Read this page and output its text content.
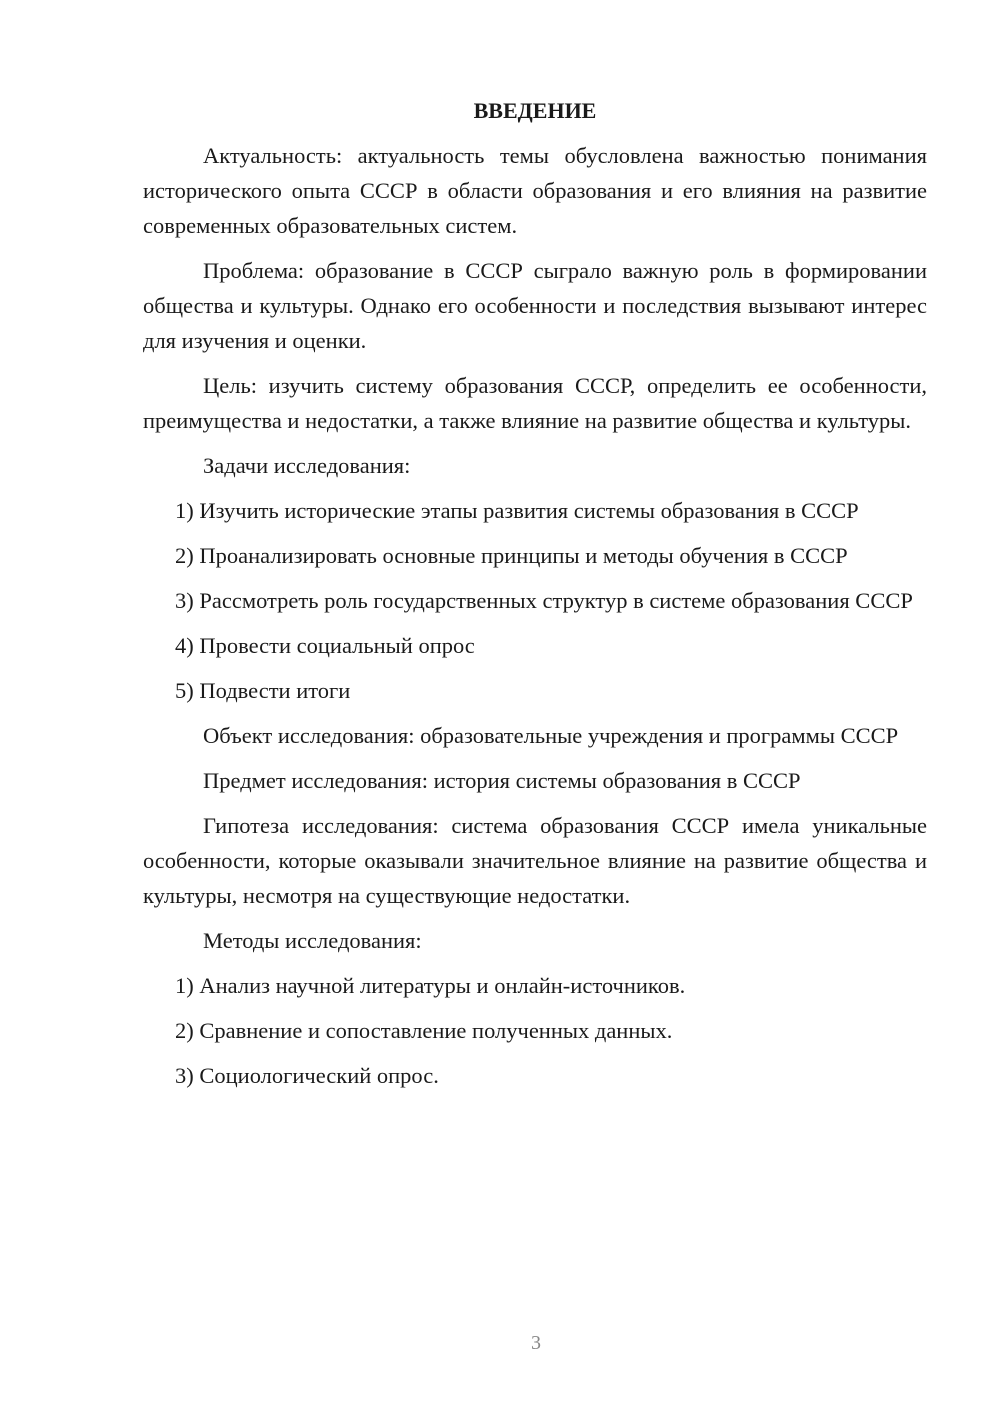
ВВЕДЕНИЕ

Актуальность: актуальность темы обусловлена важностью понимания исторического опыта СССР в области образования и его влияния на развитие современных образовательных систем.

Проблема: образование в СССР сыграло важную роль в формировании общества и культуры. Однако его особенности и последствия вызывают интерес для изучения и оценки.

Цель: изучить систему образования СССР, определить ее особенности, преимущества и недостатки, а также влияние на развитие общества и культуры.

Задачи исследования:

1) Изучить исторические этапы развития системы образования в СССР

2) Проанализировать основные принципы и методы обучения в СССР

3) Рассмотреть роль государственных структур в системе образования СССР

4) Провести социальный опрос

5) Подвести итоги

Объект исследования: образовательные учреждения и программы СССР

Предмет исследования: история системы образования в СССР

Гипотеза исследования: система образования СССР имела уникальные особенности, которые оказывали значительное влияние на развитие общества и культуры, несмотря на существующие недостатки.

Методы исследования:

1) Анализ научной литературы и онлайн-источников.

2) Сравнение и сопоставление полученных данных.

3) Социологический опрос.

3
